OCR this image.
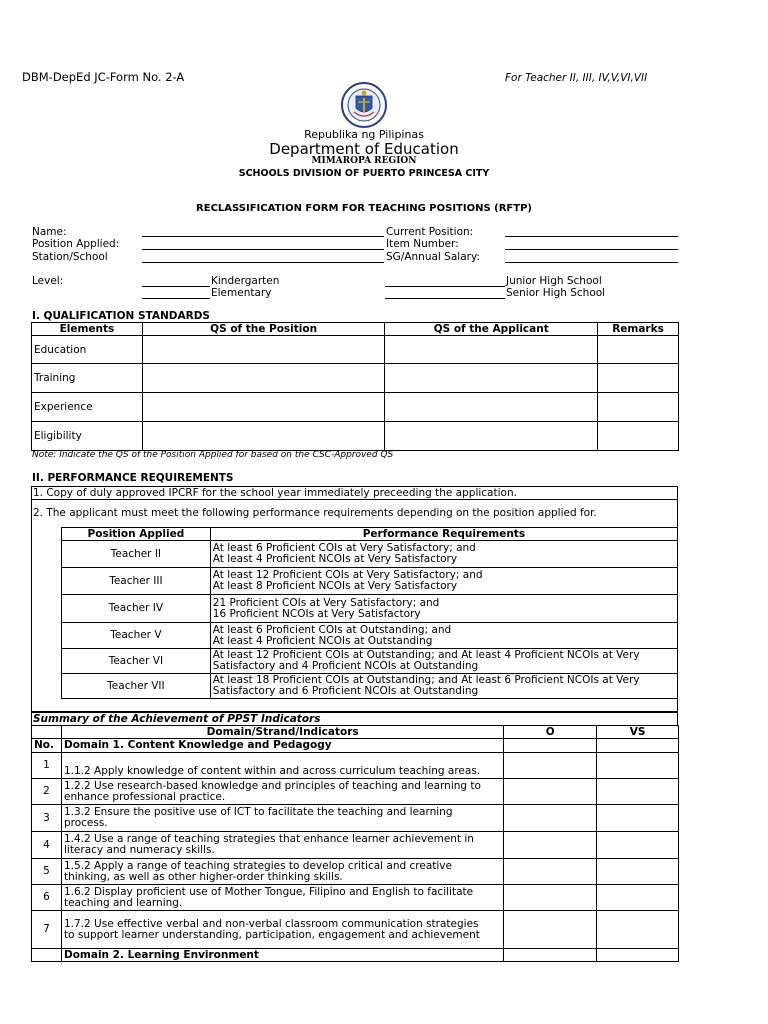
DBM-DepEd JC-Form No. 2-A	For Teacher II, III, IV,V,VI,VII
Republika ng Pilipinas
Department of Education
MIMAROPA REGION
SCHOOLS DIVISION OF PUERTO PRINCESA CITY
RECLASSIFICATION FORM FOR TEACHING POSITIONS (RFTP)
Name:
Position Applied:
Station/School
Current Position:
Item Number:
SG/Annual Salary:
Level:	Kindergarten
Elementary
Junior High School
Senior High School
I. QUALIFICATION STANDARDS
Elements	QS of the Position	QS of the Applicant	Remarks
Education			
Training			
Experience			
Eligibility			
Note: Indicate the QS of the Position Applied for based on the CSC-Approved QS
II. PERFORMANCE REQUIREMENTS
1. Copy of duly approved IPCRF for the school year immediately preceeding the application.
2. The applicant must meet the following performance requirements depending on the position applied for.
Position Applied	Performance Requirements
Teacher II	At least 6 Proficient COIs at Very Satisfactory; and
At least 4 Proficient NCOIs at Very Satisfactory

Teacher III	At least 12 Proficient COIs at Very Satisfactory; and
At least 8 Proficient NCOIs at Very Satisfactory

Teacher IV	21 Proficient COIs at Very Satisfactory; and
16 Proficient NCOIs at Very Satisfactory

Teacher V	At least 6 Proficient COIs at Outstanding; and
At least 4 Proficient NCOIs at Outstanding

Teacher VI	At least 12 Proficient COIs at Outstanding; and At least 4 Proficient NCOIs at Very
Satisfactory and 4 Proficient NCOIs at Outstanding

Teacher VII	At least 18 Proficient COIs at Outstanding; and At least 6 Proficient NCOIs at Very
Satisfactory and 6 Proficient NCOIs at Outstanding
Summary of the Achievement of PPST Indicators
	Domain/Strand/Indicators	O	VS
No.	Domain 1. Content Knowledge and Pedagogy		
1	1.1.2 Apply knowledge of content within and across curriculum teaching areas.		

2	1.2.2 Use research-based knowledge and principles of teaching and learning to
enhance professional practice.		

3	1.3.2 Ensure the positive use of ICT to facilitate the teaching and learning
process.		

4	1.4.2 Use a range of teaching strategies that enhance learner achievement in
literacy and numeracy skills.		

5	1.5.2 Apply a range of teaching strategies to develop critical and creative
thinking, as well as other higher-order thinking skills.		

6	1.6.2 Display proficient use of Mother Tongue, Filipino and English to facilitate
teaching and learning.		

7	1.7.2 Use effective verbal and non-verbal classroom communication strategies
to support learner understanding, participation, engagement and achievement		

	Domain 2. Learning Environment		
